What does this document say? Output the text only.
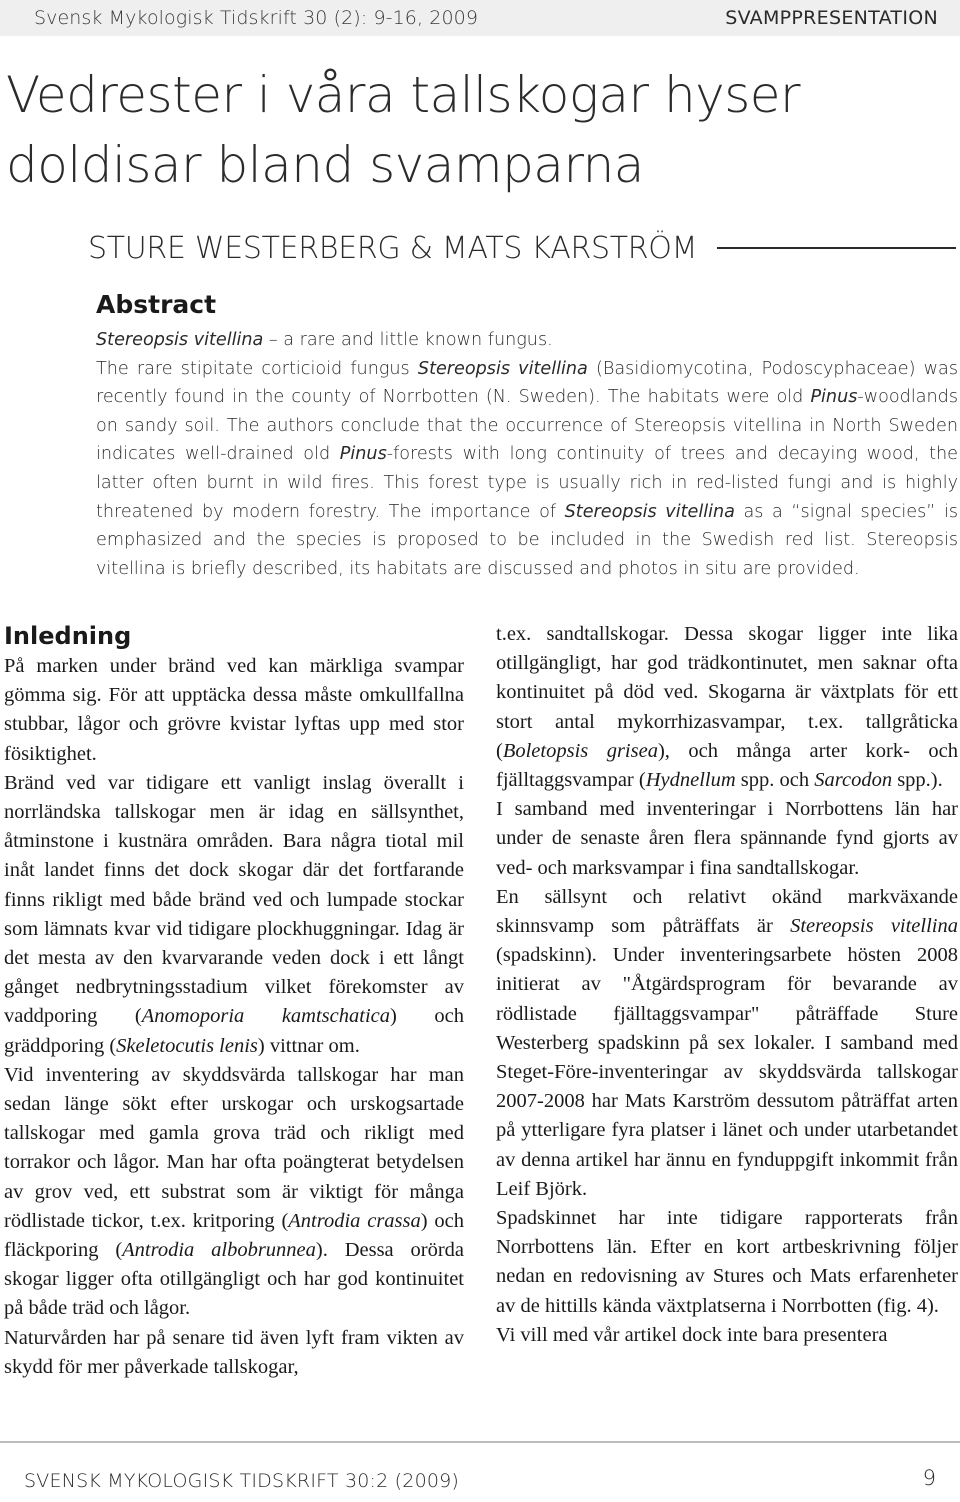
Svensk Mykologisk Tidskrift 30 (2): 9-16, 2009	SVAMPPRESENTATION
Vedrester i våra tallskogar hyser doldisar bland svamparna
STURE WESTERBERG & MATS KARSTRÖM
Abstract

Stereopsis vitellina – a rare and little known fungus.

The rare stipitate corticioid fungus Stereopsis vitellina (Basidiomycotina, Podoscyphaceae) was recently found in the county of Norrbotten (N. Sweden). The habitats were old Pinus-woodlands on sandy soil. The authors conclude that the occurrence of Stereopsis vitellina in North Sweden indicates well-drained old Pinus-forests with long continuity of trees and decaying wood, the latter often burnt in wild fires. This forest type is usually rich in red-listed fungi and is highly threatened by modern forestry. The importance of Stereopsis vitellina as a “signal species” is emphasized and the species is proposed to be included in the Swedish red list. Stereopsis vitellina is briefly described, its habitats are discussed and photos in situ are provided.

Inledning

På marken under bränd ved kan märkliga svampar gömma sig. För att upptäcka dessa måste omkullfallna stubbar, lågor och grövre kvistar lyftas upp med stor fösiktighet.

Bränd ved var tidigare ett vanligt inslag överallt i norrländska tallskogar men är idag en sällsynthet, åtminstone i kustnära områden. Bara några tiotal mil inåt landet finns det dock skogar där det fortfarande finns rikligt med både bränd ved och lumpade stockar som lämnats kvar vid tidigare plockhuggningar. Idag är det mesta av den kvarvarande veden dock i ett långt gånget nedbrytningsstadium vilket förekomster av vaddporing (Anomoporia kamtschatica) och gräddporing (Skeletocutis lenis) vittnar om.

Vid inventering av skyddsvärda tallskogar har man sedan länge sökt efter urskogar och urskogsartade tallskogar med gamla grova träd och rikligt med torrakor och lågor. Man har ofta poängterat betydelsen av grov ved, ett substrat som är viktigt för många rödlistade tickor, t.ex. kritporing (Antrodia crassa) och fläckporing (Antrodia albobrunnea). Dessa orörda skogar ligger ofta otillgängligt och har god kontinuitet på både träd och lågor.

Naturvården har på senare tid även lyft fram vikten av skydd för mer påverkade tallskogar,

t.ex. sandtallskogar. Dessa skogar ligger inte lika otillgängligt, har god trädkontinutet, men saknar ofta kontinuitet på död ved. Skogarna är växtplats för ett stort antal mykorrhizasvampar, t.ex. tallgråticka (Boletopsis grisea), och många arter kork- och fjälltaggsvampar (Hydnellum spp. och Sarcodon spp.).

I samband med inventeringar i Norrbottens län har under de senaste åren flera spännande fynd gjorts av ved- och marksvampar i fina sandtallskogar.

En sällsynt och relativt okänd markväxande skinnsvamp som påträffats är Stereopsis vitellina (spadskinn). Under inventeringsarbete hösten 2008 initierat av "Åtgärdsprogram för bevarande av rödlistade fjälltaggsvampar" påträffade Sture Westerberg spadskinn på sex lokaler. I samband med Steget-Före-inventeringar av skyddsvärda tallskogar 2007-2008 har Mats Karström dessutom påträffat arten på ytterligare fyra platser i länet och under utarbetandet av denna artikel har ännu en fynduppgift inkommit från Leif Björk.

Spadskinnet har inte tidigare rapporterats från Norrbottens län. Efter en kort artbeskrivning följer nedan en redovisning av Stures och Mats erfarenheter av de hittills kända växtplatserna i Norrbotten (fig. 4).

Vi vill med vår artikel dock inte bara presentera

SVENSK MYKOLOGISK TIDSKRIFT 30:2 (2009)	9
